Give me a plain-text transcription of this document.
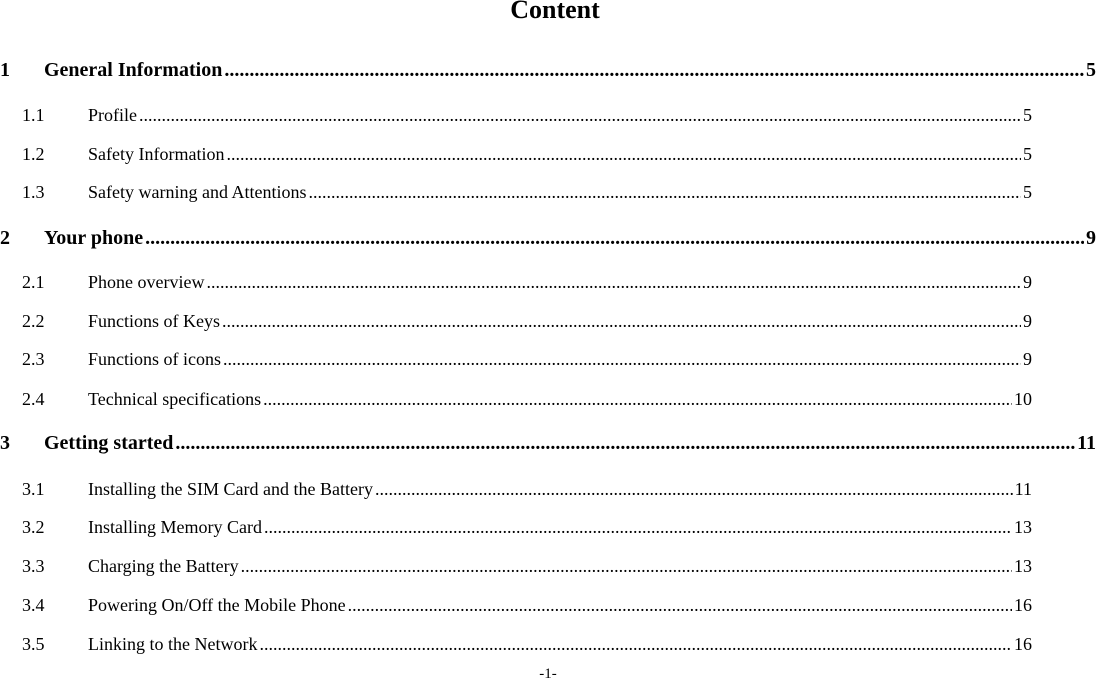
Content
1	General Information .....	5
1.1	Profile .....	5
1.2	Safety Information .....	5
1.3	Safety warning and Attentions .....	5
2	Your phone .....	9
2.1	Phone overview .....	9
2.2	Functions of Keys .....	9
2.3	Functions of icons .....	9
2.4	Technical specifications .....	10
3	Getting started .....	11
3.1	Installing the SIM Card and the Battery .....	11
3.2	Installing Memory Card .....	13
3.3	Charging the Battery .....	13
3.4	Powering On/Off the Mobile Phone .....	16
3.5	Linking to the Network .....	16
-1-
